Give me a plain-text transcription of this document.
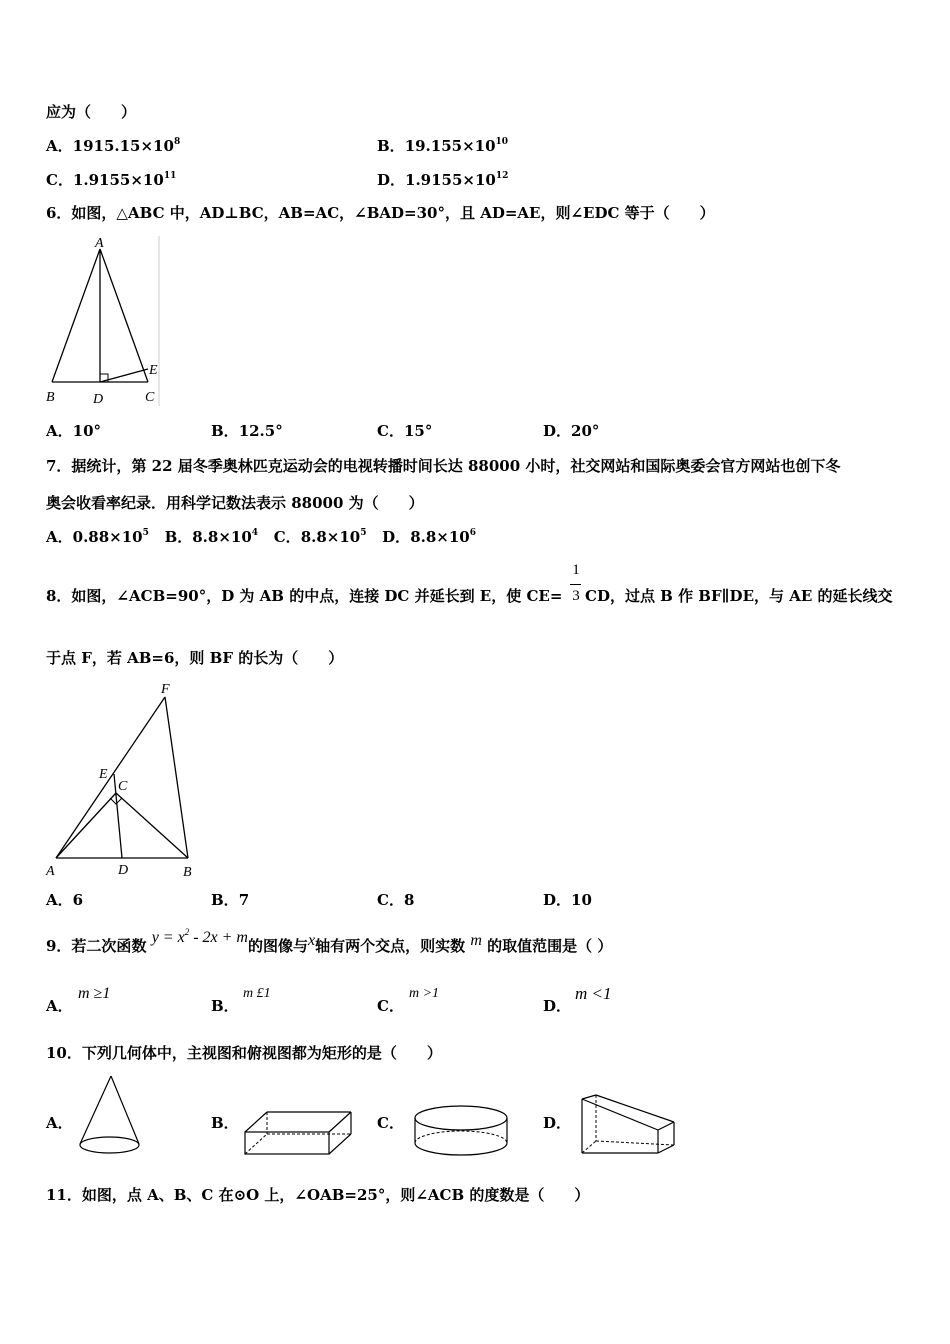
应为（　　）
A．$1915.15\times 10^8$	B．$19.155\times 10^{10}$
C．$1.9155\times 10^{11}$	D．$1.9155\times 10^{12}$
6．如图，△ABC 中，AD⊥BC，AB=AC，∠BAD=30°，且 AD=AE，则∠EDC 等于（　　）
A
B	D	C
E
A．10°	B．12.5°	C．15°	D．20°
7．据统计，第 22 届冬季奥林匹克运动会的电视转播时间长达 88000 小时，社交网站和国际奥委会官方网站也创下冬
奥会收看率纪录．用科学记数法表示 88000 为（　　）
A．$0.88\times 10^5$ B．$8.8\times 10^4$ C．$8.8\times 10^5$ D．$8.8\times 10^6$
8．如图，∠ACB=90°，D 为 AB 的中点，连接 DC 并延长到 E，使 CE=
1
3 CD，过点 B 作 BF∥DE，与 AE 的延长线交
于点 F，若 AB=6，则 BF 的长为（　　）
F
E
C
A	D	B
A．6	B．7	C．8	D．10
9．若二次函数 $y = x^2 - 2x + m$的图像与x轴有两个交点，则实数 m 的取值范围是（ ）
A．
m ≥1
B．
m £1
C．
m >1
D．
m <1
10．下列几何体中，主视图和俯视图都为矩形的是（　　）
A．	B．	C．	D．
11．如图，点 A、B、C 在⊙O 上，∠OAB=25°，则∠ACB 的度数是（　　）
